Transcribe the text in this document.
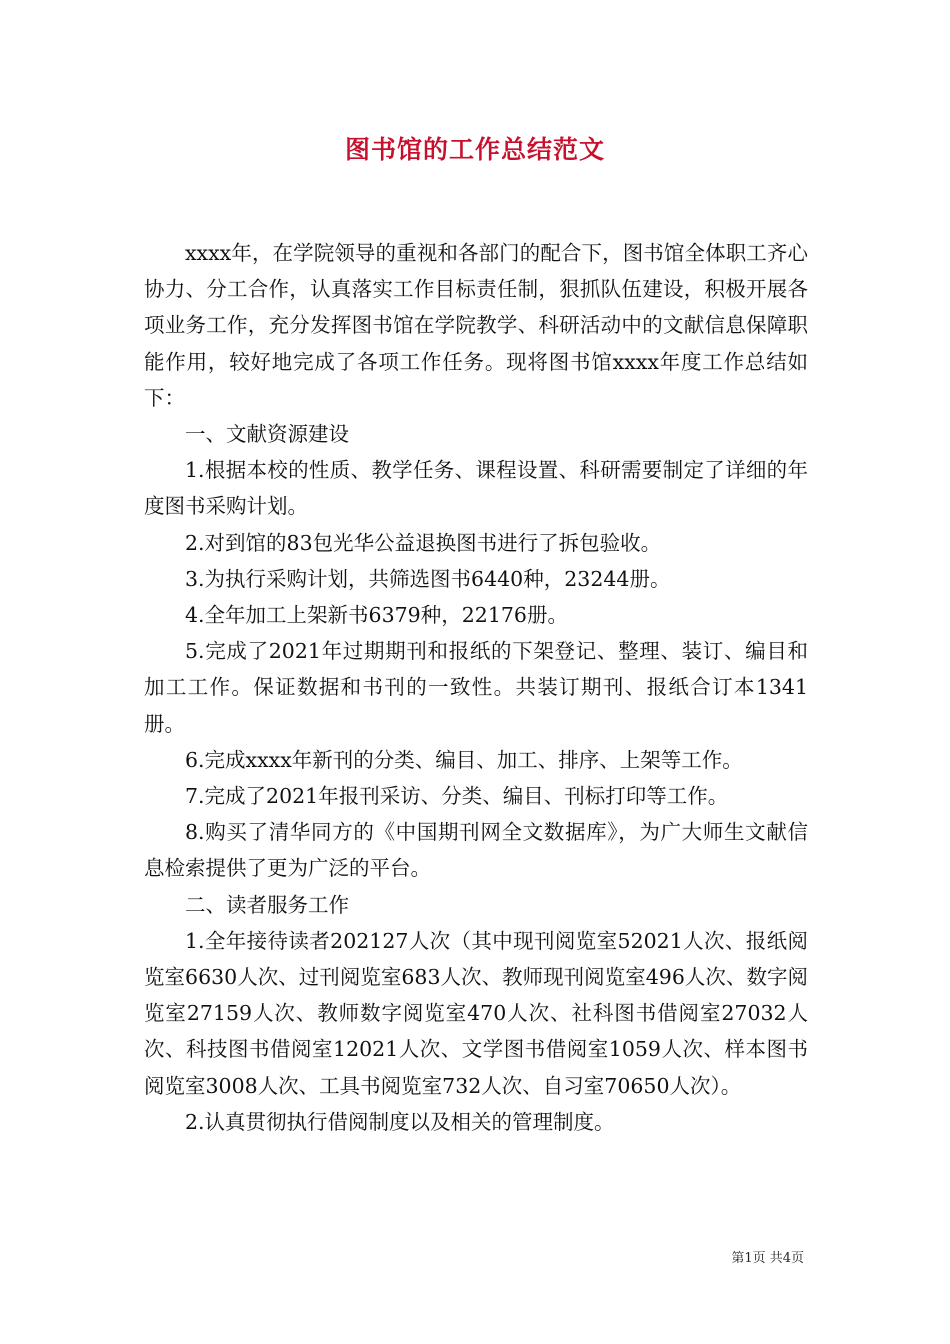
图书馆的工作总结范文

xxxx年，在学院领导的重视和各部门的配合下，图书馆全体职工齐心协力、分工合作，认真落实工作目标责任制，狠抓队伍建设，积极开展各项业务工作，充分发挥图书馆在学院教学、科研活动中的文献信息保障职能作用，较好地完成了各项工作任务。现将图书馆xxxx年度工作总结如下：

一、文献资源建设

1.根据本校的性质、教学任务、课程设置、科研需要制定了详细的年度图书采购计划。

2.对到馆的83包光华公益退换图书进行了拆包验收。

3.为执行采购计划，共筛选图书6440种，23244册。

4.全年加工上架新书6379种，22176册。

5.完成了2021年过期期刊和报纸的下架登记、整理、装订、编目和加工工作。保证数据和书刊的一致性。共装订期刊、报纸合订本1341册。

6.完成xxxx年新刊的分类、编目、加工、排序、上架等工作。

7.完成了2021年报刊采访、分类、编目、刊标打印等工作。

8.购买了清华同方的《中国期刊网全文数据库》，为广大师生文献信息检索提供了更为广泛的平台。

二、读者服务工作

1.全年接待读者202127人次（其中现刊阅览室52021人次、报纸阅览室6630人次、过刊阅览室683人次、教师现刊阅览室496人次、数字阅览室27159人次、教师数字阅览室470人次、社科图书借阅室27032人次、科技图书借阅室12021人次、文学图书借阅室1059人次、样本图书阅览室3008人次、工具书阅览室732人次、自习室70650人次）。

2.认真贯彻执行借阅制度以及相关的管理制度。

第1页 共4页
